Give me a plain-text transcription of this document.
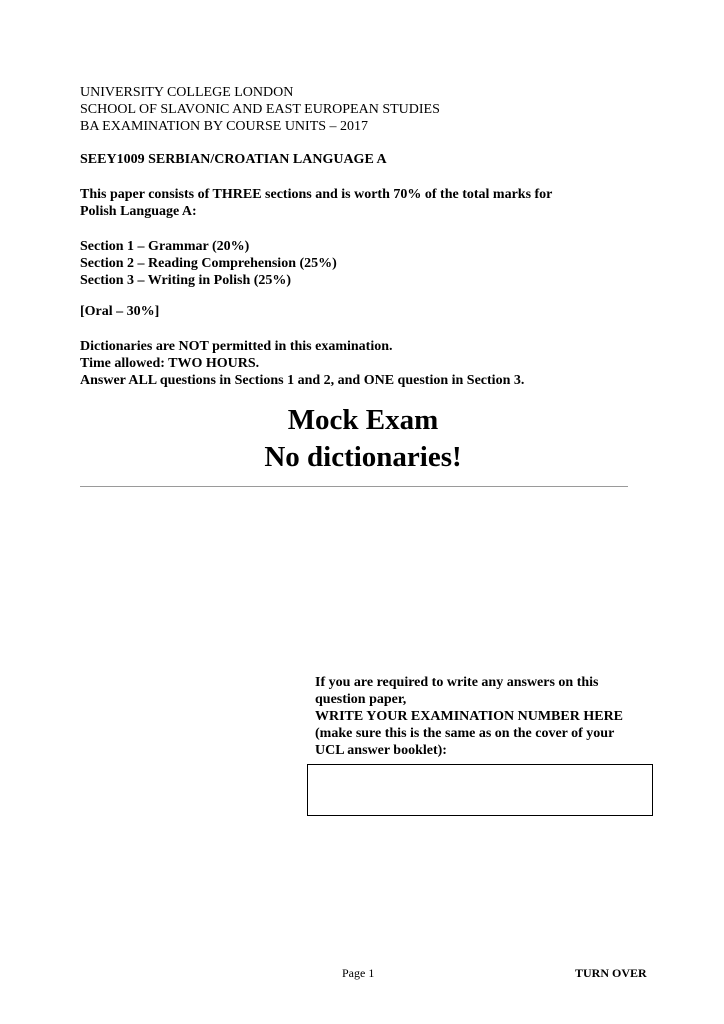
UNIVERSITY COLLEGE LONDON
SCHOOL OF SLAVONIC AND EAST EUROPEAN STUDIES
BA EXAMINATION BY COURSE UNITS – 2017
SEEY1009 SERBIAN/CROATIAN LANGUAGE A
This paper consists of THREE sections and is worth 70% of the total marks for
Polish Language A:
Section 1 – Grammar (20%)
Section 2 – Reading Comprehension (25%)
Section 3 – Writing in Polish (25%)
[Oral – 30%]
Dictionaries are NOT permitted in this examination.
Time allowed: TWO HOURS.
Answer ALL questions in Sections 1 and 2, and ONE question in Section 3.
Mock Exam
No dictionaries!
If you are required to write any answers on this
question paper,
WRITE YOUR EXAMINATION NUMBER HERE
(make sure this is the same as on the cover of your
UCL answer booklet):
Page 1	TURN OVER
